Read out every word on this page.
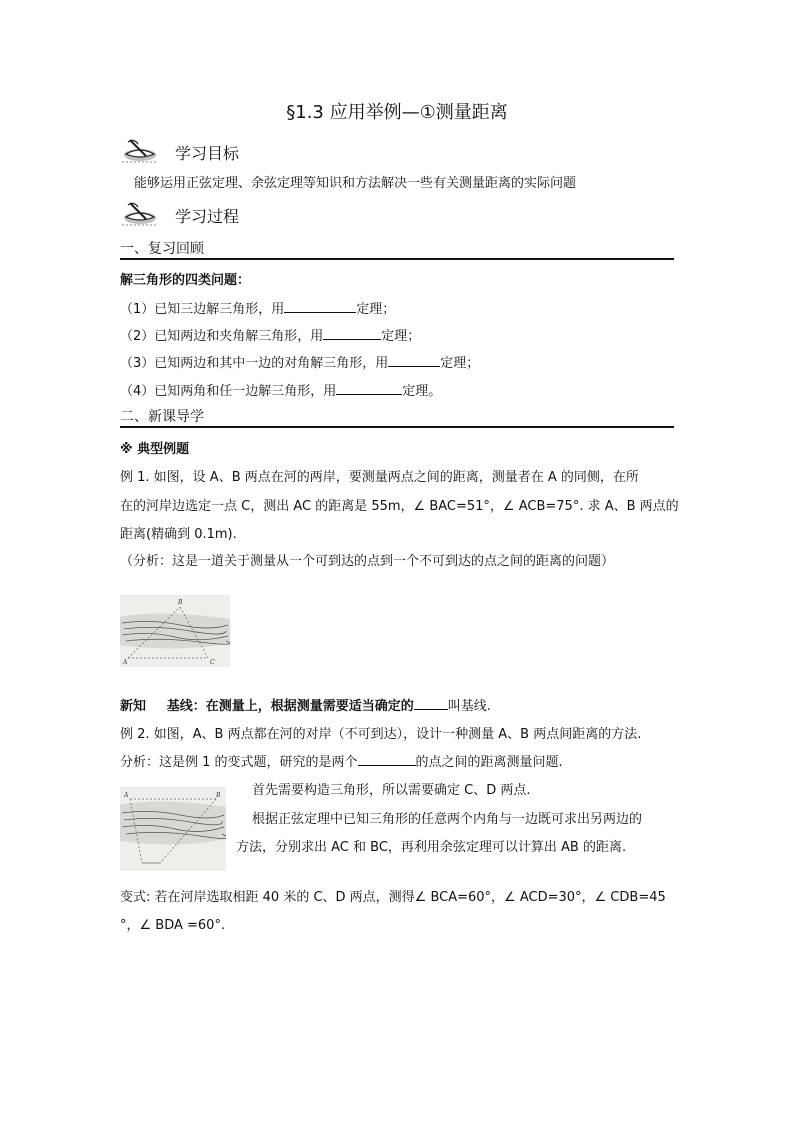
§1.3 应用举例—①测量距离
学习目标
能够运用正弦定理、余弦定理等知识和方法解决一些有关测量距离的实际问题
学习过程
一、复习回顾
解三角形的四类问题：
（1）已知三边解三角形，用	定理；
（2）已知两边和夹角解三角形，用	定理；
（3）已知两边和其中一边的对角解三角形，用	定理；
（4）已知两角和任一边解三角形，用	定理。
二、新课导学
※ 典型例题
例 1. 如图，设 A、B 两点在河的两岸，要测量两点之间的距离，测量者在 A 的同侧，在所
在的河岸边选定一点 C，测出 AC 的距离是 55m，∠ BAC=51°，∠ ACB=75°. 求 A、B 两点的
距离(精确到 0.1m).
（分析：这是一道关于测量从一个可到达的点到一个不可到达的点之间的距离的问题）
B
A	C
新知 基线：在测量上，根据测量需要适当确定的	叫基线.
例 2. 如图，A、B 两点都在河的对岸（不可到达），设计一种测量 A、B 两点间距离的方法.
分析：这是例 1 的变式题，研究的是两个	的点之间的距离测量问题.
A	B 首先需要构造三角形，所以需要确定 C、D 两点.
根据正弦定理中已知三角形的任意两个内角与一边既可求出另两边的
方法，分别求出 AC 和 BC，再利用余弦定理可以计算出 AB 的距离.
变式: 若在河岸选取相距 40 米的 C、D 两点，测得∠ BCA=60°，∠ ACD=30°，∠ CDB=45
°，∠ BDA =60°.
